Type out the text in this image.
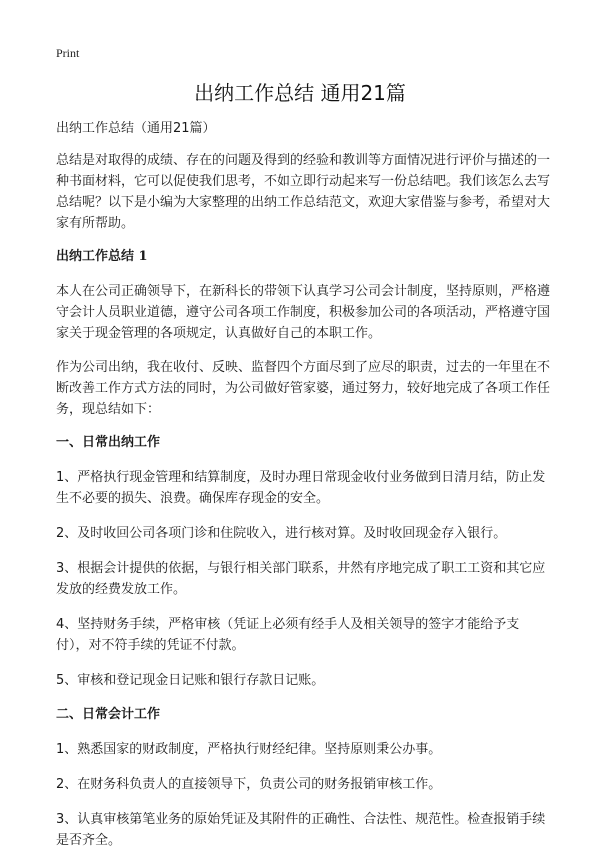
Print
出纳工作总结 通用21篇

出纳工作总结（通用21篇）

总结是对取得的成绩、存在的问题及得到的经验和教训等方面情况进行评价与描述的一种书面材料，它可以促使我们思考，不如立即行动起来写一份总结吧。我们该怎么去写总结呢？以下是小编为大家整理的出纳工作总结范文，欢迎大家借鉴与参考，希望对大家有所帮助。

出纳工作总结 1

本人在公司正确领导下，在新科长的带领下认真学习公司会计制度，坚持原则，严格遵守会计人员职业道德，遵守公司各项工作制度，积极参加公司的各项活动，严格遵守国家关于现金管理的各项规定，认真做好自己的本职工作。

作为公司出纳，我在收付、反映、监督四个方面尽到了应尽的职责，过去的一年里在不断改善工作方式方法的同时，为公司做好管家婆，通过努力，较好地完成了各项工作任务，现总结如下：

一、日常出纳工作

1、严格执行现金管理和结算制度，及时办理日常现金收付业务做到日清月结，防止发生不必要的损失、浪费。确保库存现金的安全。

2、及时收回公司各项门诊和住院收入，进行核对算。及时收回现金存入银行。

3、根据会计提供的依据，与银行相关部门联系，井然有序地完成了职工工资和其它应发放的经费发放工作。

4、坚持财务手续，严格审核（凭证上必须有经手人及相关领导的签字才能给予支付），对不符手续的凭证不付款。

5、审核和登记现金日记账和银行存款日记账。

二、日常会计工作

1、熟悉国家的财政制度，严格执行财经纪律。坚持原则秉公办事。

2、在财务科负责人的直接领导下，负责公司的财务报销审核工作。

3、认真审核第笔业务的原始凭证及其附件的正确性、合法性、规范性。检查报销手续是否齐全。
